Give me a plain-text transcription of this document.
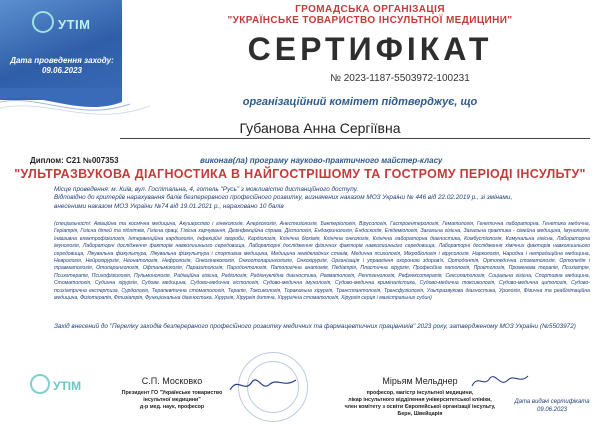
УТІМ
Дата проведення заходу:
09.06.2023
ГРОМАДСЬКА ОРГАНІЗАЦІЯ
"УКРАЇНСЬКЕ ТОВАРИСТВО ІНСУЛЬТНОЇ МЕДИЦИНИ"
СЕРТИФІКАТ
№ 2023-1187-5503972-100231
організаційний комітет підтверджує, що
Губанова Анна Сергіївна
Диплом: С21 №007353	виконав(ла) програму науково-практичного майстер-класу
"УЛЬТРАЗВУКОВА ДІАГНОСТИКА В НАЙГОСТРІШОМУ ТА ГОСТРОМУ ПЕРІОДІ ІНСУЛЬТУ"

Місце проведення: м. Київ, вул. Госпітальна, 4, готель "Русь" з можливістю дистанційного доступу.

Відповідно до критеріїв нарахування балів безперервного професійного розвитку, визначених наказом МОЗ України № 446 від 22.02.2019 р., зі змінами,

внесеними наказом МОЗ України №74 від 19.01.2021 р., нараховано 10 балів

(спеціальності: Авіаційна та космічна медицина, Акушерство і гінекологія, Алергологія, Анестезіологія, Бактеріологія, Вірусологія, Гастроентерологія, Гематологія, Генетична лабораторна, Генетика медична, Геріатрія, Гігієна дітей та підлітків, Гігієна праці, Гігієна харчування, Дезінфекційна справа, Дієтологія, Ендокринологія, Ендоскопія, Епідеміологія, Загальна гігієна, Загальна практика - сімейна медицина, Імунологія, Інвазивна електрофізіологія, Інтервенційна кардіологія, Інфекційні хвороби, Кардіологія, Клінічна біохімія, Клінічна онкологія, Клінічна лабораторна діагностика, Комбустіологія, Комунальна гігієна, Лабораторна імунологія, Лабораторні дослідження факторів навколишнього середовища, Лабораторні дослідження фізичних факторів навколишнього середовища, Лабораторні дослідження хімічних факторів навколишнього середовища, Лікувальна фізкультура, Лікувальна фізкультура і спортивна медицина, Медицина невідкладних станів, Медична психологія, Мікробіологія і вірусологія, Наркологія, Народна і нетрадиційна медицина, Неврологія, Нейрохірургія, Неонатологія, Нефрологія, Онкогінекологія, Онкоотоларингологія, Онкохірургія, Організація і управління охороною здоров'я, Ортодонтія, Ортопедична стоматологія, Ортопедія і травматологія, Отоларингологія, Офтальмологія, Паразитологія, Пародонтологія, Патологічна анатомія, Педіатрія, Пластична хірургія, Професійна патологія, Проктологія, Променева терапія, Психіатрія, Психотерапія, Психофізіологія, Пульмонологія, Радіаційна гігієна, Радіологія, Радіонуклідна діагностика, Ревматологія, Рентгенологія, Рефлексотерапія, Сексопатологія, Соціальна гігієна, Спортивна медицина, Стоматологія, Судинна хірургія, Судова медицина, Судово-медична гістологія, Судово-медична імунологія, Судово-медична криміналістика, Судово-медична токсикологія, Судово-медична цитологія, Судово-психіатрична експертиза, Сурдологія, Терапевтична стоматологія, Терапія, Токсикологія, Торакальна хірургія, Трансплантологія, Трансфузіологія, Ультразвукова діагностика, Урологія, Фізична та реабілітаційна медицина, Фізіотерапія, Фтизіатрія, Функціональна діагностика, Хірургія, Хірургія дитяча, Хірургічна стоматологія, Хірургія серця і магістральних судин)
Захід внесений до "Переліку заходів безперервного професійного розвитку медичних та фармацевтичних працівників" 2023 року, затвердженому МОЗ України (№5503972)
УТІМ	С.П. Московко
Президент ГО "Українське товариство
інсультної медицини"
д-р мед. наук, професор
Мірьям Мельднер
професор, магістр інсультної медицини,
лікар інсультного відділення університетської клініки,
член комітету з освіти Європейської організації інсульту,
Берн, Швейцарія
Дата видачі сертифіката
09.06.2023
